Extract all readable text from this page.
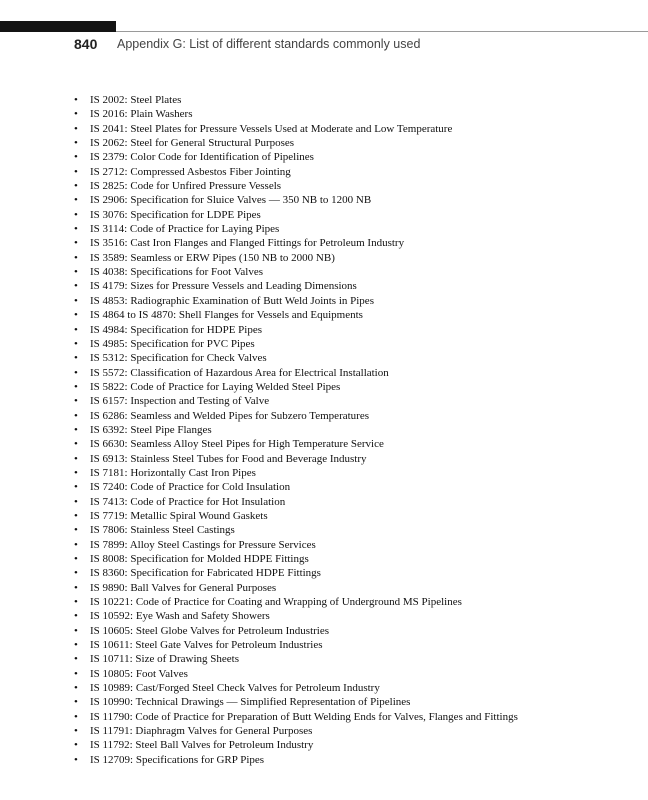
840 Appendix G: List of different standards commonly used
• IS 2002: Steel Plates
• IS 2016: Plain Washers
• IS 2041: Steel Plates for Pressure Vessels Used at Moderate and Low Temperature
• IS 2062: Steel for General Structural Purposes
• IS 2379: Color Code for Identification of Pipelines
• IS 2712: Compressed Asbestos Fiber Jointing
• IS 2825: Code for Unfired Pressure Vessels
• IS 2906: Specification for Sluice Valves — 350 NB to 1200 NB
• IS 3076: Specification for LDPE Pipes
• IS 3114: Code of Practice for Laying Pipes
• IS 3516: Cast Iron Flanges and Flanged Fittings for Petroleum Industry
• IS 3589: Seamless or ERW Pipes (150 NB to 2000 NB)
• IS 4038: Specifications for Foot Valves
• IS 4179: Sizes for Pressure Vessels and Leading Dimensions
• IS 4853: Radiographic Examination of Butt Weld Joints in Pipes
• IS 4864 to IS 4870: Shell Flanges for Vessels and Equipments
• IS 4984: Specification for HDPE Pipes
• IS 4985: Specification for PVC Pipes
• IS 5312: Specification for Check Valves
• IS 5572: Classification of Hazardous Area for Electrical Installation
• IS 5822: Code of Practice for Laying Welded Steel Pipes
• IS 6157: Inspection and Testing of Valve
• IS 6286: Seamless and Welded Pipes for Subzero Temperatures
• IS 6392: Steel Pipe Flanges
• IS 6630: Seamless Alloy Steel Pipes for High Temperature Service
• IS 6913: Stainless Steel Tubes for Food and Beverage Industry
• IS 7181: Horizontally Cast Iron Pipes
• IS 7240: Code of Practice for Cold Insulation
• IS 7413: Code of Practice for Hot Insulation
• IS 7719: Metallic Spiral Wound Gaskets
• IS 7806: Stainless Steel Castings
• IS 7899: Alloy Steel Castings for Pressure Services
• IS 8008: Specification for Molded HDPE Fittings
• IS 8360: Specification for Fabricated HDPE Fittings
• IS 9890: Ball Valves for General Purposes
• IS 10221: Code of Practice for Coating and Wrapping of Underground MS Pipelines
• IS 10592: Eye Wash and Safety Showers
• IS 10605: Steel Globe Valves for Petroleum Industries
• IS 10611: Steel Gate Valves for Petroleum Industries
• IS 10711: Size of Drawing Sheets
• IS 10805: Foot Valves
• IS 10989: Cast/Forged Steel Check Valves for Petroleum Industry
• IS 10990: Technical Drawings — Simplified Representation of Pipelines
• IS 11790: Code of Practice for Preparation of Butt Welding Ends for Valves, Flanges and Fittings
• IS 11791: Diaphragm Valves for General Purposes
• IS 11792: Steel Ball Valves for Petroleum Industry
• IS 12709: Specifications for GRP Pipes
